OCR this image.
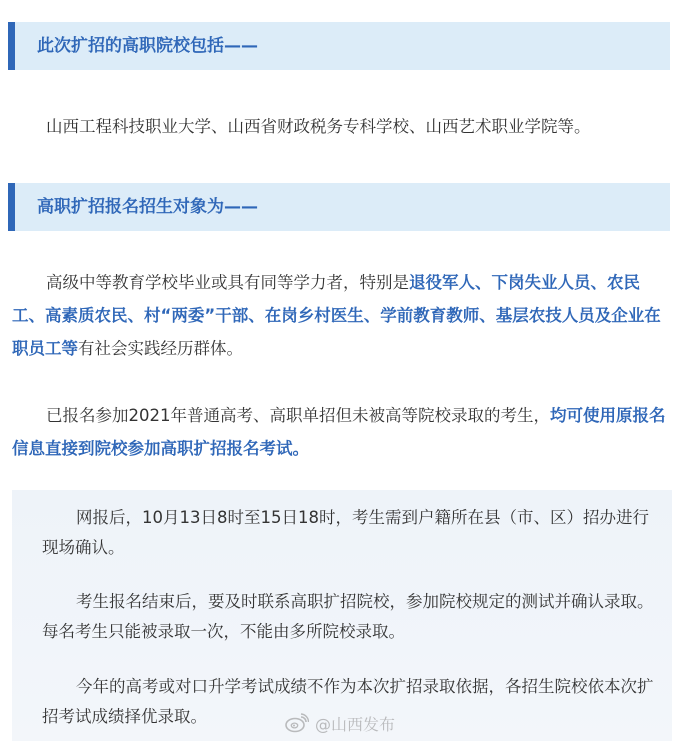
此次扩招的高职院校包括——
山西工程科技职业大学、山西省财政税务专科学校、山西艺术职业学院等。
高职扩招报名招生对象为——
高级中等教育学校毕业或具有同等学力者，特别是退役军人、下岗失业人员、农民工、高素质农民、村“两委”干部、在岗乡村医生、学前教育教师、基层农技人员及企业在职员工等有社会实践经历群体。
已报名参加2021年普通高考、高职单招但未被高等院校录取的考生，均可使用原报名信息直接到院校参加高职扩招报名考试。
网报后，10月13日8时至15日18时，考生需到户籍所在县（市、区）招办进行现场确认。
考生报名结束后，要及时联系高职扩招院校，参加院校规定的测试并确认录取。每名考生只能被录取一次，不能由多所院校录取。
今年的高考或对口升学考试成绩不作为本次扩招录取依据，各招生院校依本次扩招考试成绩择优录取。	@山西发布
